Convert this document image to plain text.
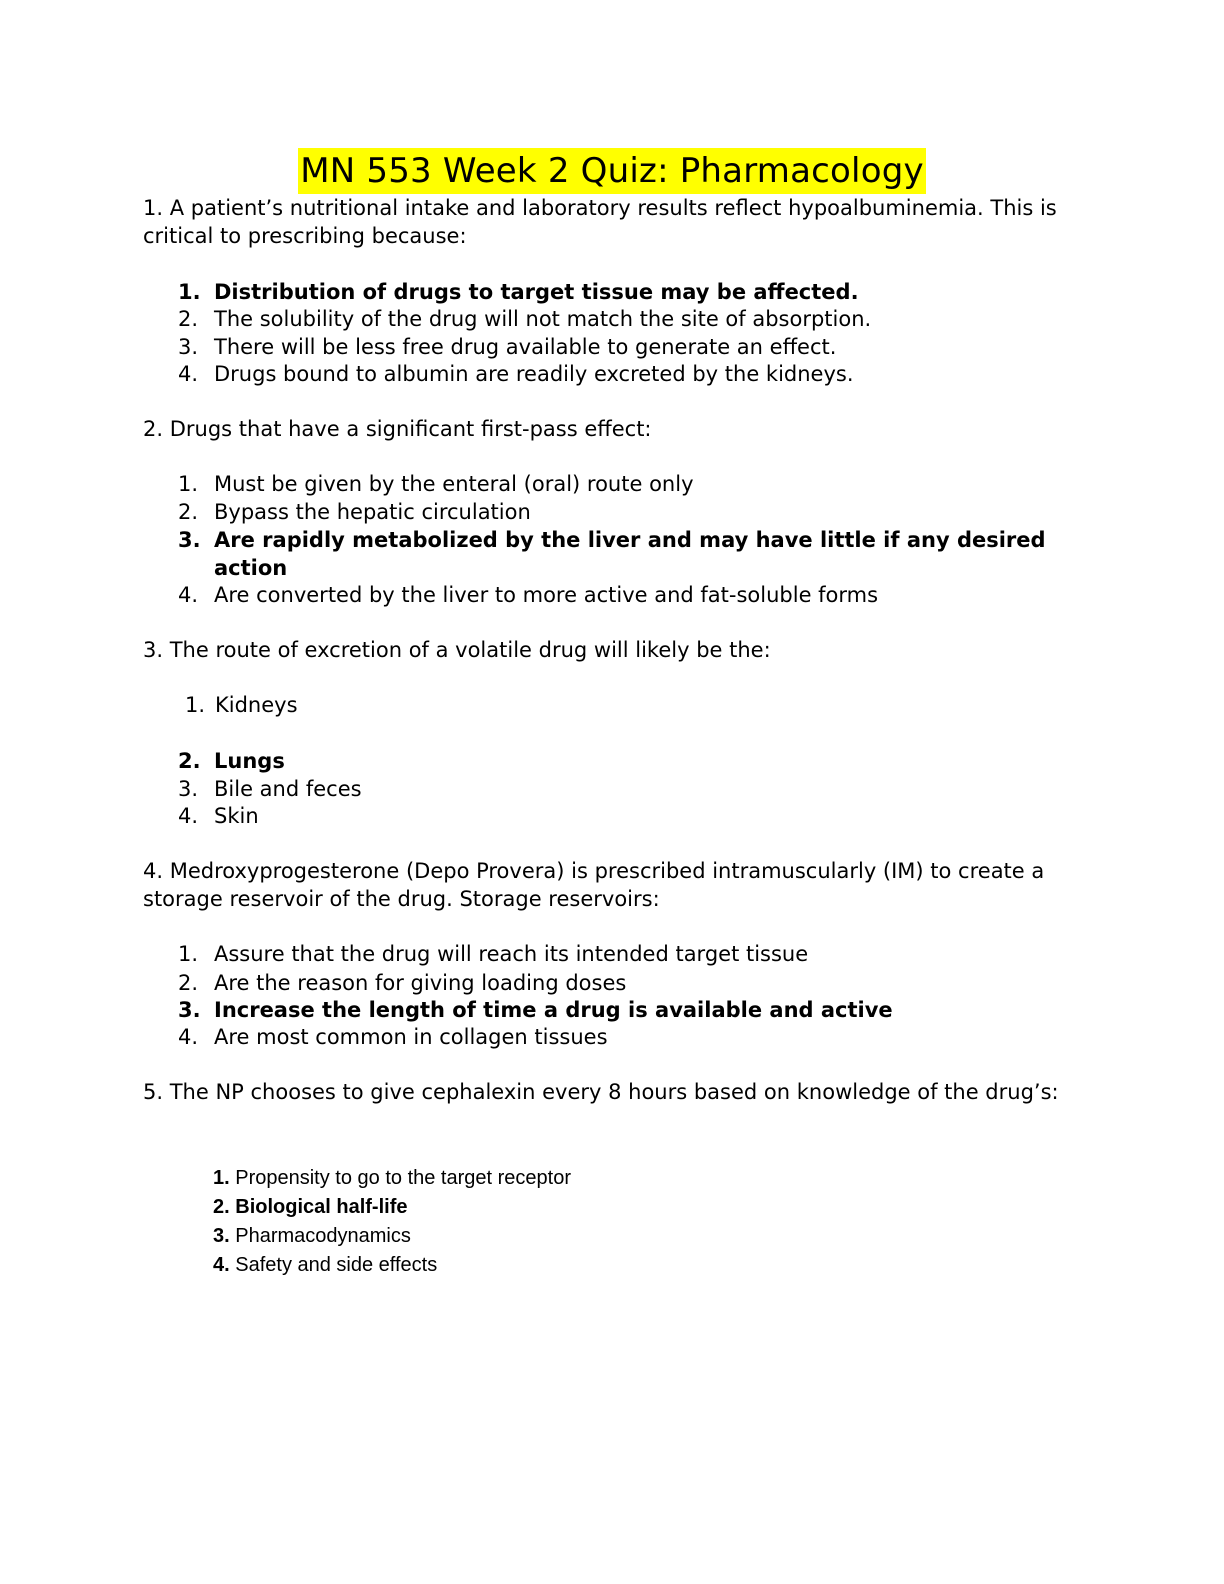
MN 553 Week 2 Quiz: Pharmacology
1. A patient’s nutritional intake and laboratory results reflect hypoalbuminemia. This is critical to prescribing because:
1. Distribution of drugs to target tissue may be affected.
2. The solubility of the drug will not match the site of absorption.
3. There will be less free drug available to generate an effect.
4. Drugs bound to albumin are readily excreted by the kidneys.
2. Drugs that have a significant first-pass effect:
1. Must be given by the enteral (oral) route only
2. Bypass the hepatic circulation
3. Are rapidly metabolized by the liver and may have little if any desired action
4. Are converted by the liver to more active and fat-soluble forms
3. The route of excretion of a volatile drug will likely be the:
1. Kidneys
2. Lungs
3. Bile and feces
4. Skin
4. Medroxyprogesterone (Depo Provera) is prescribed intramuscularly (IM) to create a storage reservoir of the drug. Storage reservoirs:
1. Assure that the drug will reach its intended target tissue
2. Are the reason for giving loading doses
3. Increase the length of time a drug is available and active
4. Are most common in collagen tissues
5. The NP chooses to give cephalexin every 8 hours based on knowledge of the drug’s:
1. Propensity to go to the target receptor
2. Biological half-life
3. Pharmacodynamics
4. Safety and side effects
